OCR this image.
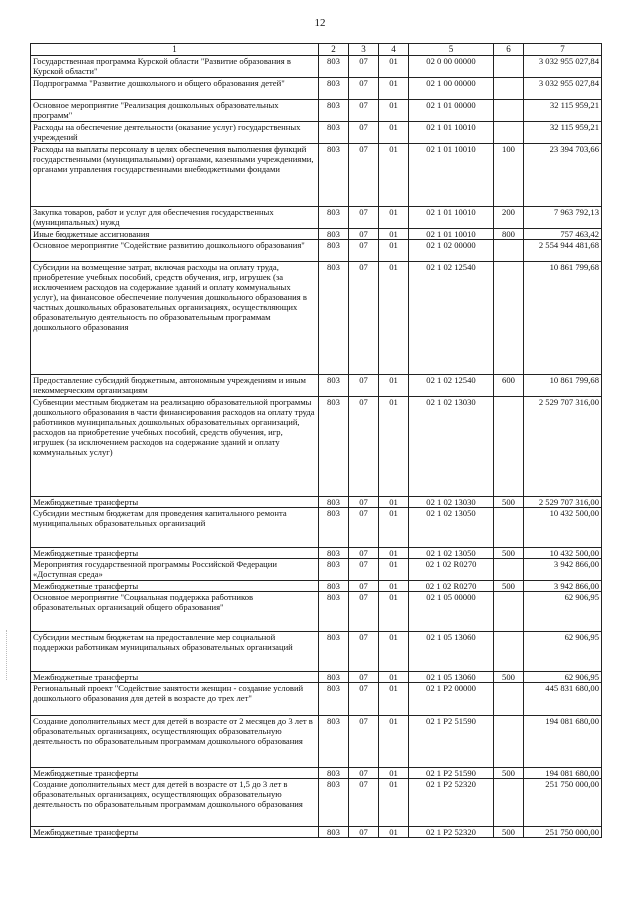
12
1	2	3	4	5	6	7
Государственная программа Курской области "Развитие образования в Курской области"	803	07	01	02 0 00 00000		3 032 955 027,84
Подпрограмма "Развитие дошкольного и общего образования детей"	803	07	01	02 1 00 00000		3 032 955 027,84
Основное мероприятие "Реализация дошкольных образовательных программ"	803	07	01	02 1 01 00000		32 115 959,21
Расходы на обеспечение деятельности (оказание услуг) государственных учреждений	803	07	01	02 1 01 10010		32 115 959,21
Расходы на выплаты персоналу в целях обеспечения выполнения функций государственными (муниципальными) органами, казенными учреждениями, органами управления государственными внебюджетными фондами	803	07	01	02 1 01 10010	100	23 394 703,66
Закупка товаров, работ и услуг для обеспечения государственных (муниципальных) нужд	803	07	01	02 1 01 10010	200	7 963 792,13
Иные бюджетные ассигнования	803	07	01	02 1 01 10010	800	757 463,42
Основное мероприятие "Содействие развитию дошкольного образования"	803	07	01	02 1 02 00000		2 554 944 481,68
Субсидии на возмещение затрат, включая расходы на оплату труда, приобретение учебных пособий, средств обучения, игр, игрушек (за исключением расходов на содержание зданий и оплату коммунальных услуг), на финансовое обеспечение получения дошкольного образования в частных дошкольных образовательных организациях, осуществляющих образовательную деятельность по образовательным программам дошкольного образования	803	07	01	02 1 02 12540		10 861 799,68
Предоставление субсидий бюджетным, автономным учреждениям и иным некоммерческим организациям	803	07	01	02 1 02 12540	600	10 861 799,68
Субвенции местным бюджетам на реализацию образовательной программы дошкольного образования в части финансирования расходов на оплату труда работников муниципальных дошкольных образовательных организаций, расходов на приобретение учебных пособий, средств обучения, игр, игрушек (за исключением расходов на содержание зданий и оплату коммунальных услуг)	803	07	01	02 1 02 13030		2 529 707 316,00
Межбюджетные трансферты	803	07	01	02 1 02 13030	500	2 529 707 316,00
Субсидии местным бюджетам для проведения капитального ремонта муниципальных образовательных организаций	803	07	01	02 1 02 13050		10 432 500,00
Межбюджетные трансферты	803	07	01	02 1 02 13050	500	10 432 500,00
Мероприятия государственной программы Российской Федерации «Доступная среда»	803	07	01	02 1 02 R0270		3 942 866,00
Межбюджетные трансферты	803	07	01	02 1 02 R0270	500	3 942 866,00
Основное мероприятие "Социальная поддержка работников образовательных организаций общего образования"	803	07	01	02 1 05 00000		62 906,95
Субсидии местным бюджетам на предоставление мер социальной поддержки работникам муниципальных образовательных организаций	803	07	01	02 1 05 13060		62 906,95
Межбюджетные трансферты	803	07	01	02 1 05 13060	500	62 906,95
Региональный проект "Содействие занятости женщин - создание условий дошкольного образования для детей в возрасте до трех лет"	803	07	01	02 1 P2 00000		445 831 680,00
Создание дополнительных мест для детей в возрасте от 2 месяцев до 3 лет в образовательных организациях, осуществляющих образовательную деятельность по образовательным программам дошкольного образования	803	07	01	02 1 P2 51590		194 081 680,00
Межбюджетные трансферты	803	07	01	02 1 P2 51590	500	194 081 680,00
Создание дополнительных мест для детей в возрасте от 1,5 до 3 лет в образовательных организациях, осуществляющих образовательную деятельность по образовательным программам дошкольного образования	803	07	01	02 1 P2 52320		251 750 000,00
Межбюджетные трансферты	803	07	01	02 1 P2 52320	500	251 750 000,00
